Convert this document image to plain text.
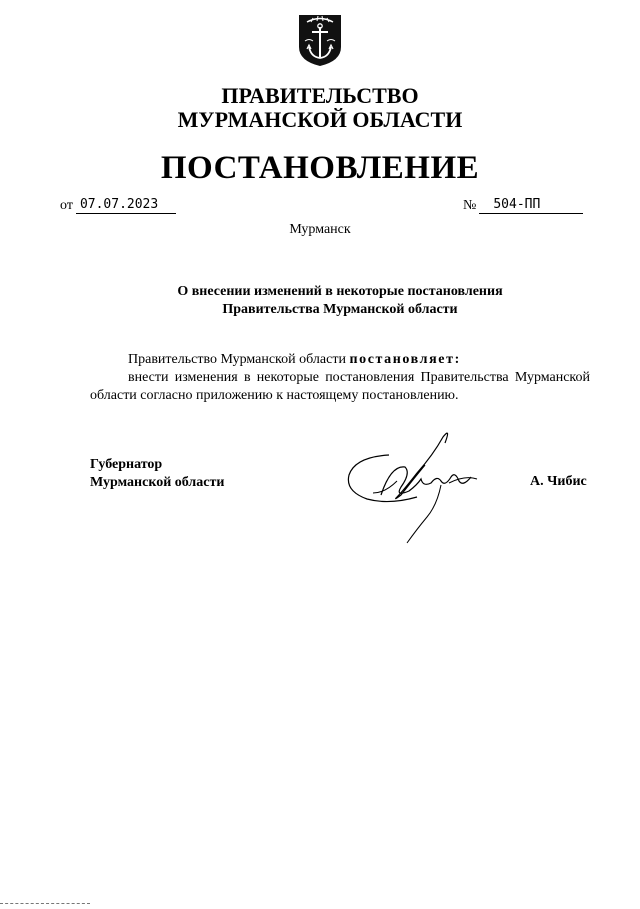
ПРАВИТЕЛЬСТВО
МУРМАНСКОЙ ОБЛАСТИ
ПОСТАНОВЛЕНИЕ
от 07.07.2023	№	504-ПП
Мурманск
О внесении изменений в некоторые постановления
Правительства Мурманской области
Правительство Мурманской области постановляет:
внести изменения в некоторые постановления Правительства Мурманской области согласно приложению к настоящему постановлению.
Губернатор
Мурманской области	А. Чибис
